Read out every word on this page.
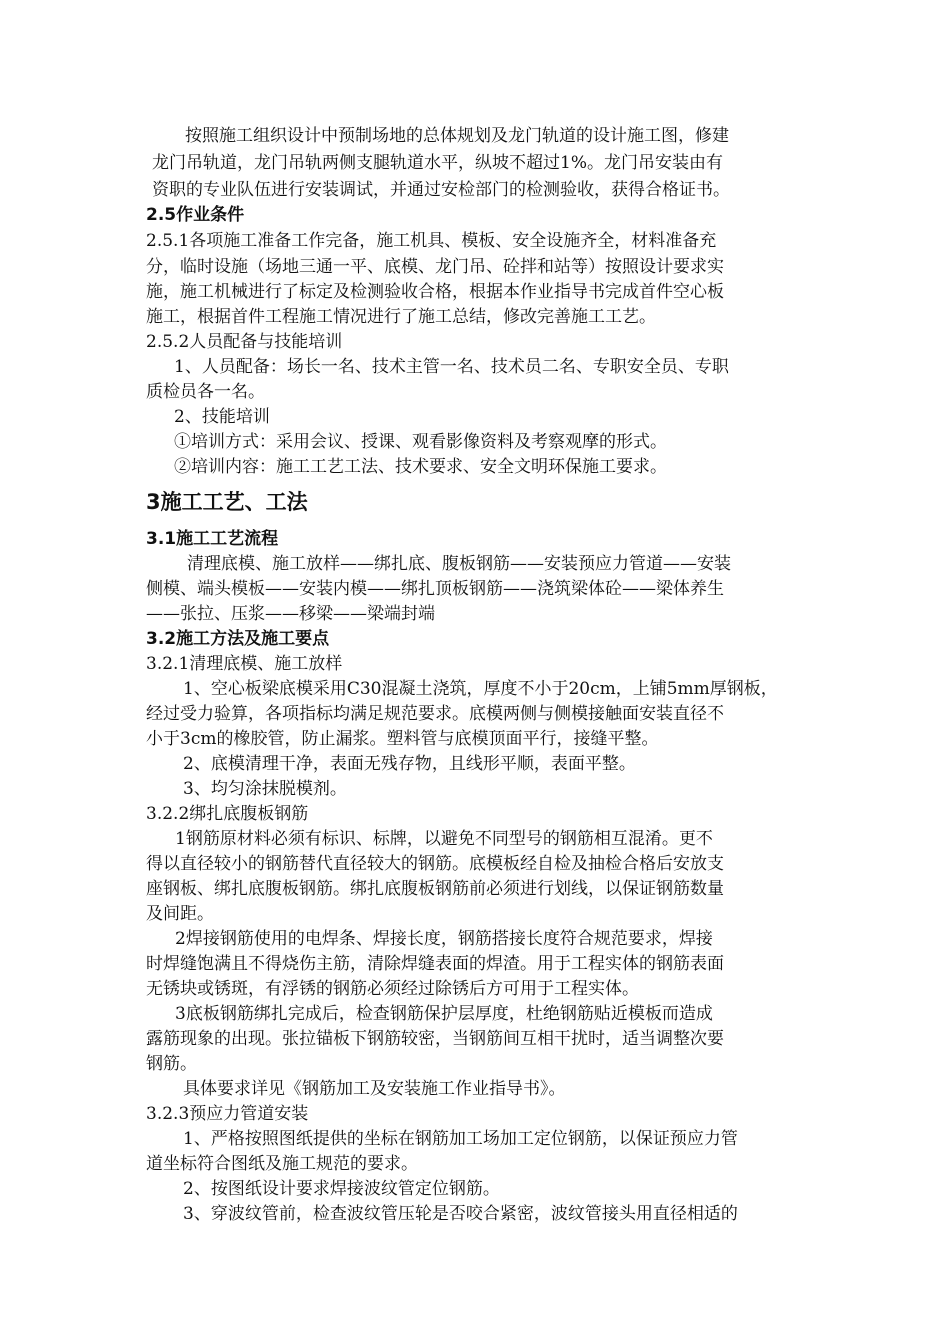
按照施工组织设计中预制场地的总体规划及龙门轨道的设计施工图，修建
龙门吊轨道，龙门吊轨两侧支腿轨道水平，纵坡不超过1%。龙门吊安装由有
资职的专业队伍进行安装调试，并通过安检部门的检测验收，获得合格证书。
2.5作业条件
2.5.1各项施工准备工作完备，施工机具、模板、安全设施齐全，材料准备充
分，临时设施（场地三通一平、底模、龙门吊、砼拌和站等）按照设计要求实
施，施工机械进行了标定及检测验收合格，根据本作业指导书完成首件空心板
施工，根据首件工程施工情况进行了施工总结，修改完善施工工艺。
2.5.2人员配备与技能培训
1、人员配备：场长一名、技术主管一名、技术员二名、专职安全员、专职
质检员各一名。
2、技能培训
①培训方式：采用会议、授课、观看影像资料及考察观摩的形式。
②培训内容：施工工艺工法、技术要求、安全文明环保施工要求。
3施工工艺、工法
3.1施工工艺流程
清理底模、施工放样——绑扎底、腹板钢筋——安装预应力管道——安装
侧模、端头模板——安装内模——绑扎顶板钢筋——浇筑梁体砼——梁体养生
——张拉、压浆——移梁——梁端封端
3.2施工方法及施工要点
3.2.1清理底模、施工放样
1、空心板梁底模采用C30混凝土浇筑，厚度不小于20cm，上铺5mm厚钢板，
经过受力验算，各项指标均满足规范要求。底模两侧与侧模接触面安装直径不
小于3cm的橡胶管，防止漏浆。塑料管与底模顶面平行，接缝平整。
2、底模清理干净，表面无残存物，且线形平顺，表面平整。
3、均匀涂抹脱模剂。
3.2.2绑扎底腹板钢筋
1钢筋原材料必须有标识、标牌，以避免不同型号的钢筋相互混淆。更不
得以直径较小的钢筋替代直径较大的钢筋。底模板经自检及抽检合格后安放支
座钢板、绑扎底腹板钢筋。绑扎底腹板钢筋前必须进行划线，以保证钢筋数量
及间距。
2焊接钢筋使用的电焊条、焊接长度，钢筋搭接长度符合规范要求，焊接
时焊缝饱满且不得烧伤主筋，清除焊缝表面的焊渣。用于工程实体的钢筋表面
无锈块或锈斑，有浮锈的钢筋必须经过除锈后方可用于工程实体。
3底板钢筋绑扎完成后，检查钢筋保护层厚度，杜绝钢筋贴近模板而造成
露筋现象的出现。张拉锚板下钢筋较密，当钢筋间互相干扰时，适当调整次要
钢筋。
具体要求详见《钢筋加工及安装施工作业指导书》。
3.2.3预应力管道安装
1、严格按照图纸提供的坐标在钢筋加工场加工定位钢筋，以保证预应力管
道坐标符合图纸及施工规范的要求。
2、按图纸设计要求焊接波纹管定位钢筋。
3、穿波纹管前，检查波纹管压轮是否咬合紧密，波纹管接头用直径相适的
